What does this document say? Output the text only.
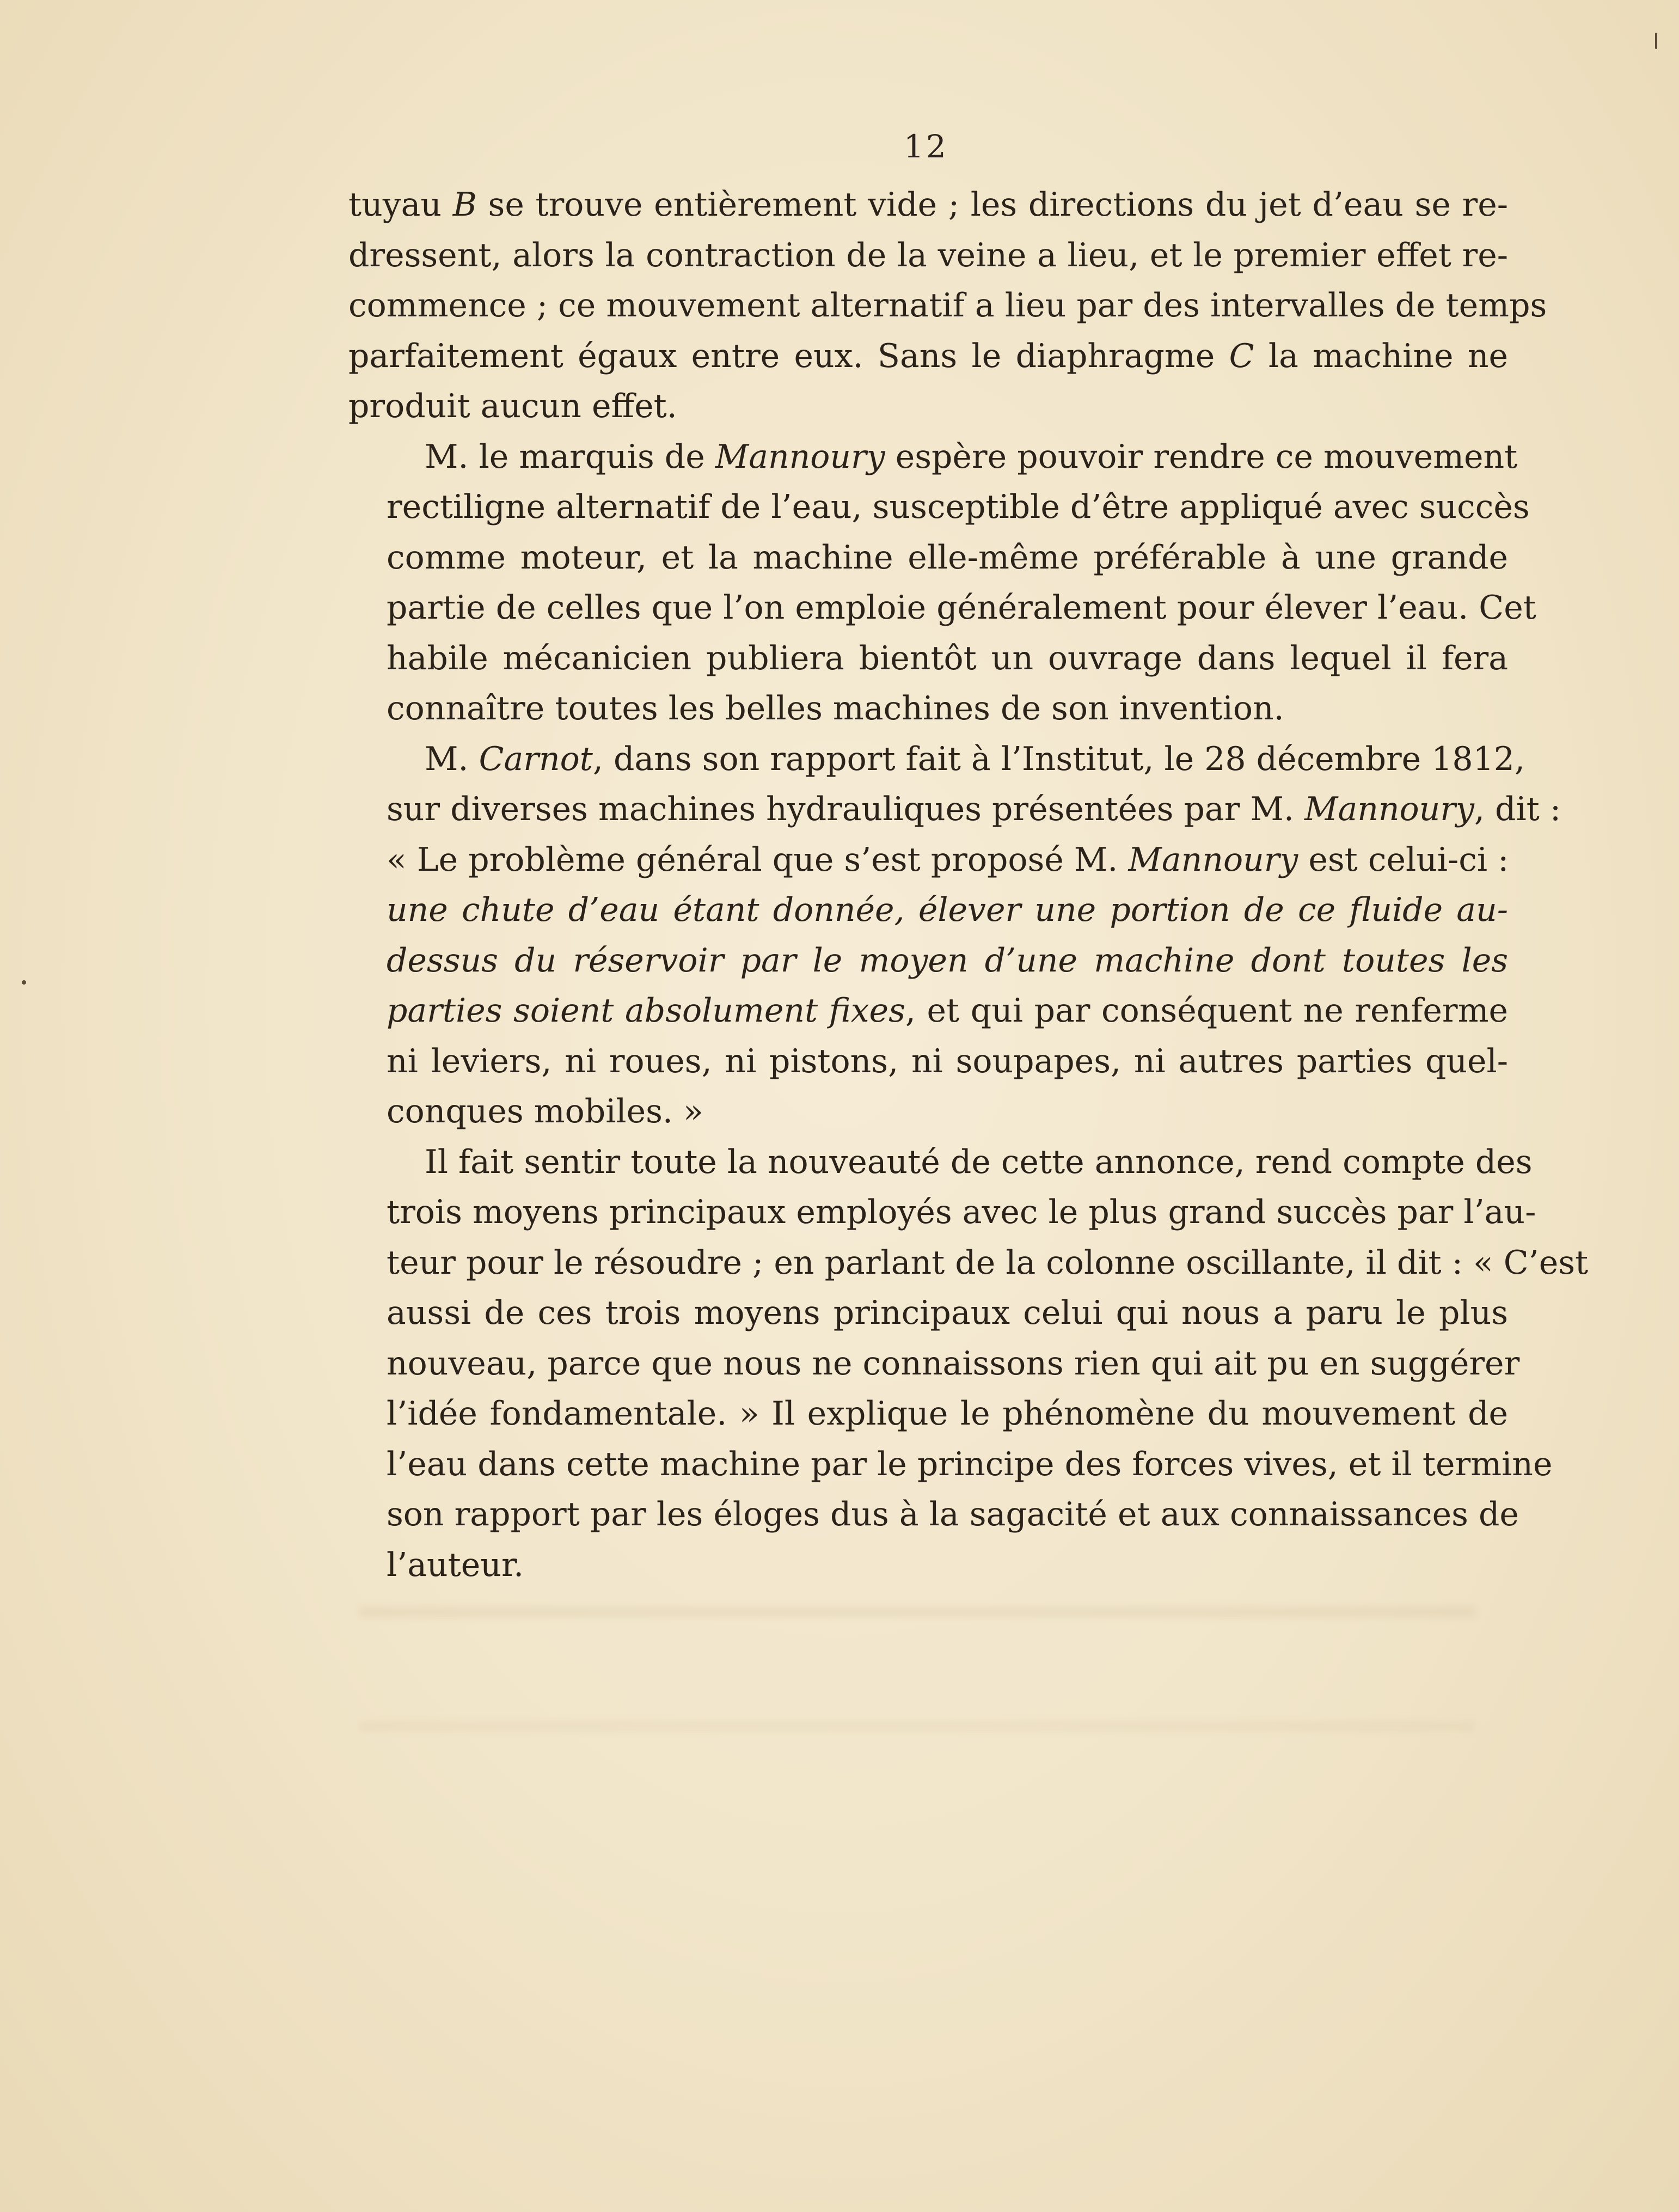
12
tuyau B se trouve entièrement vide ; les directions du jet d’eau se re-
dressent, alors la contraction de la veine a lieu, et le premier effet re-
commence ; ce mouvement alternatif a lieu par des intervalles de temps
parfaitement égaux entre eux. Sans le diaphragme C la machine ne
produit aucun effet.
M. le marquis de Mannoury espère pouvoir rendre ce mouvement
rectiligne alternatif de l’eau, susceptible d’être appliqué avec succès
comme moteur, et la machine elle-même préférable à une grande
partie de celles que l’on emploie généralement pour élever l’eau. Cet
habile mécanicien publiera bientôt un ouvrage dans lequel il fera
connaître toutes les belles machines de son invention.
M. Carnot, dans son rapport fait à l’Institut, le 28 décembre 1812,
sur diverses machines hydrauliques présentées par M. Mannoury, dit :
« Le problème général que s’est proposé M. Mannoury est celui-ci :
une chute d’eau étant donnée, élever une portion de ce fluide au-
dessus du réservoir par le moyen d’une machine dont toutes les
parties soient absolument fixes, et qui par conséquent ne renferme
ni leviers, ni roues, ni pistons, ni soupapes, ni autres parties quel-
conques mobiles. »
Il fait sentir toute la nouveauté de cette annonce, rend compte des
trois moyens principaux employés avec le plus grand succès par l’au-
teur pour le résoudre ; en parlant de la colonne oscillante, il dit : « C’est
aussi de ces trois moyens principaux celui qui nous a paru le plus
nouveau, parce que nous ne connaissons rien qui ait pu en suggérer
l’idée fondamentale. » Il explique le phénomène du mouvement de
l’eau dans cette machine par le principe des forces vives, et il termine
son rapport par les éloges dus à la sagacité et aux connaissances de
l’auteur.
